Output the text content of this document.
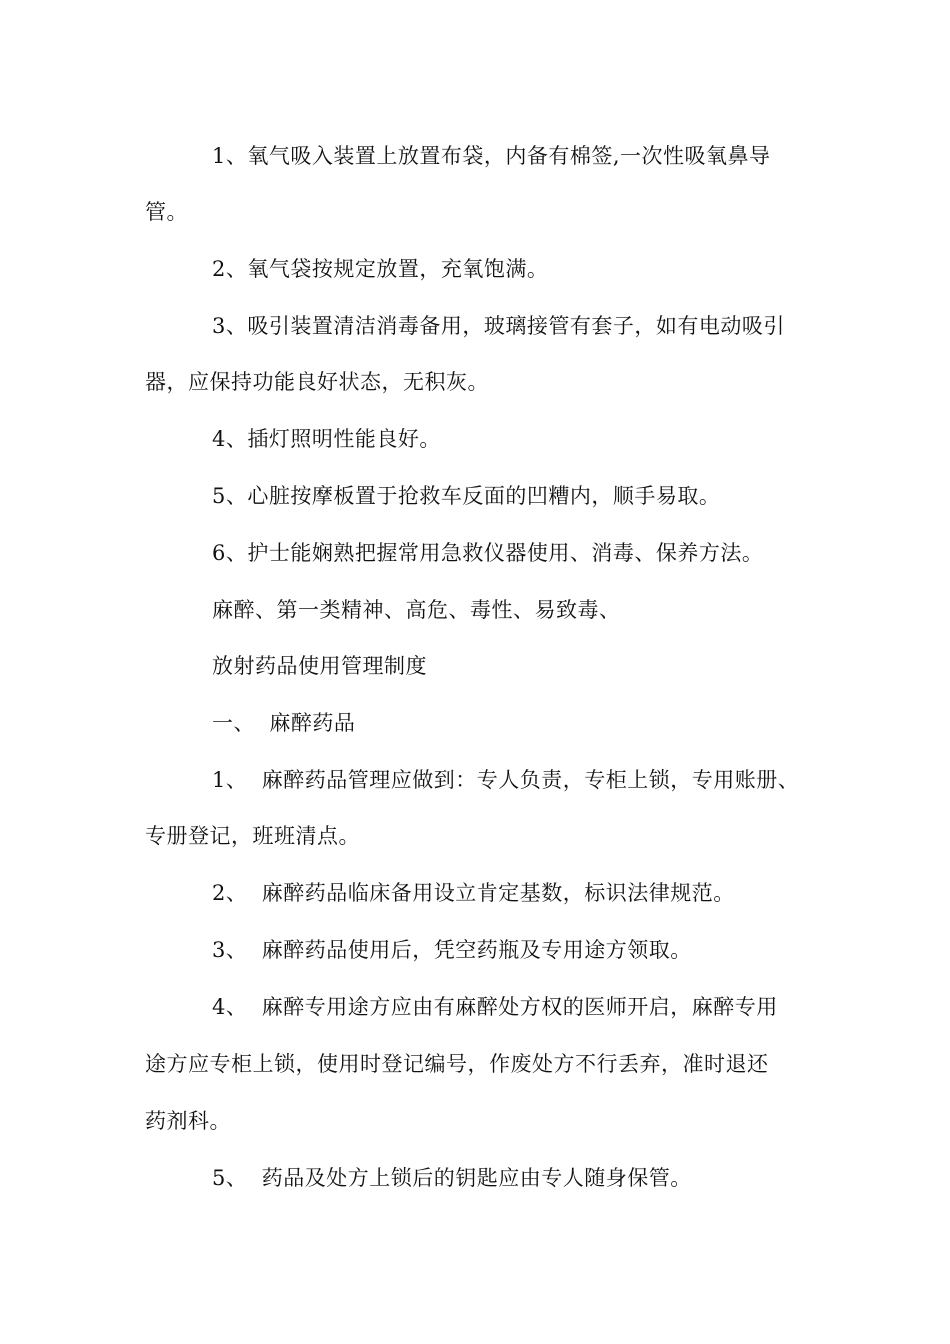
1、氧气吸入装置上放置布袋，内备有棉签,一次性吸氧鼻导
管。
2、氧气袋按规定放置，充氧饱满。
3、吸引装置清洁消毒备用，玻璃接管有套子，如有电动吸引
器，应保持功能良好状态，无积灰。
4、插灯照明性能良好。
5、心脏按摩板置于抢救车反面的凹糟内，顺手易取。
6、护士能娴熟把握常用急救仪器使用、消毒、保养方法。
麻醉、第一类精神、高危、毒性、易致毒、
放射药品使用管理制度
一、  麻醉药品
1、  麻醉药品管理应做到：专人负责，专柜上锁，专用账册、
专册登记，班班清点。
2、  麻醉药品临床备用设立肯定基数，标识法律规范。
3、  麻醉药品使用后，凭空药瓶及专用途方领取。
4、  麻醉专用途方应由有麻醉处方权的医师开启，麻醉专用
途方应专柜上锁，使用时登记编号，作废处方不行丢弃，准时退还
药剂科。
5、  药品及处方上锁后的钥匙应由专人随身保管。
